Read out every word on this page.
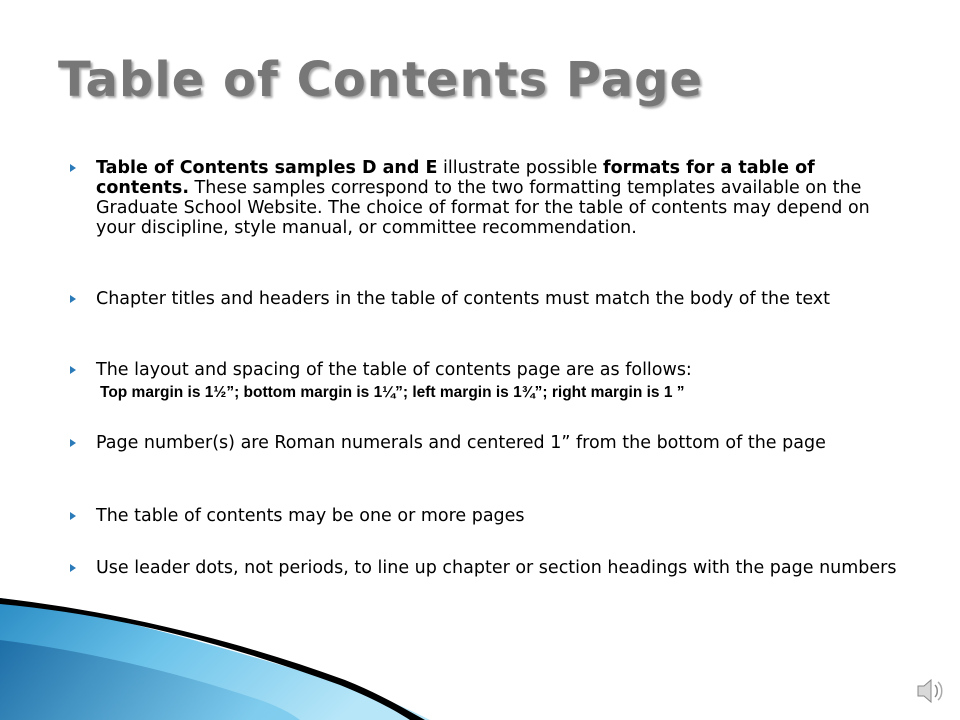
Table of Contents Page
Table of Contents samples D and E illustrate possible formats for a table of contents. These samples correspond to the two formatting templates available on the Graduate School Website. The choice of format for the table of contents may depend on your discipline, style manual, or committee recommendation.
Chapter titles and headers in the table of contents must match the body of the text
The layout and spacing of the table of contents page are as follows:
Top margin is 1½”; bottom margin is 1¼”; left margin is 1¾”; right margin is 1 ”
Page number(s) are Roman numerals and centered 1” from the bottom of the page
The table of contents may be one or more pages
Use leader dots, not periods, to line up chapter or section headings with the page numbers
